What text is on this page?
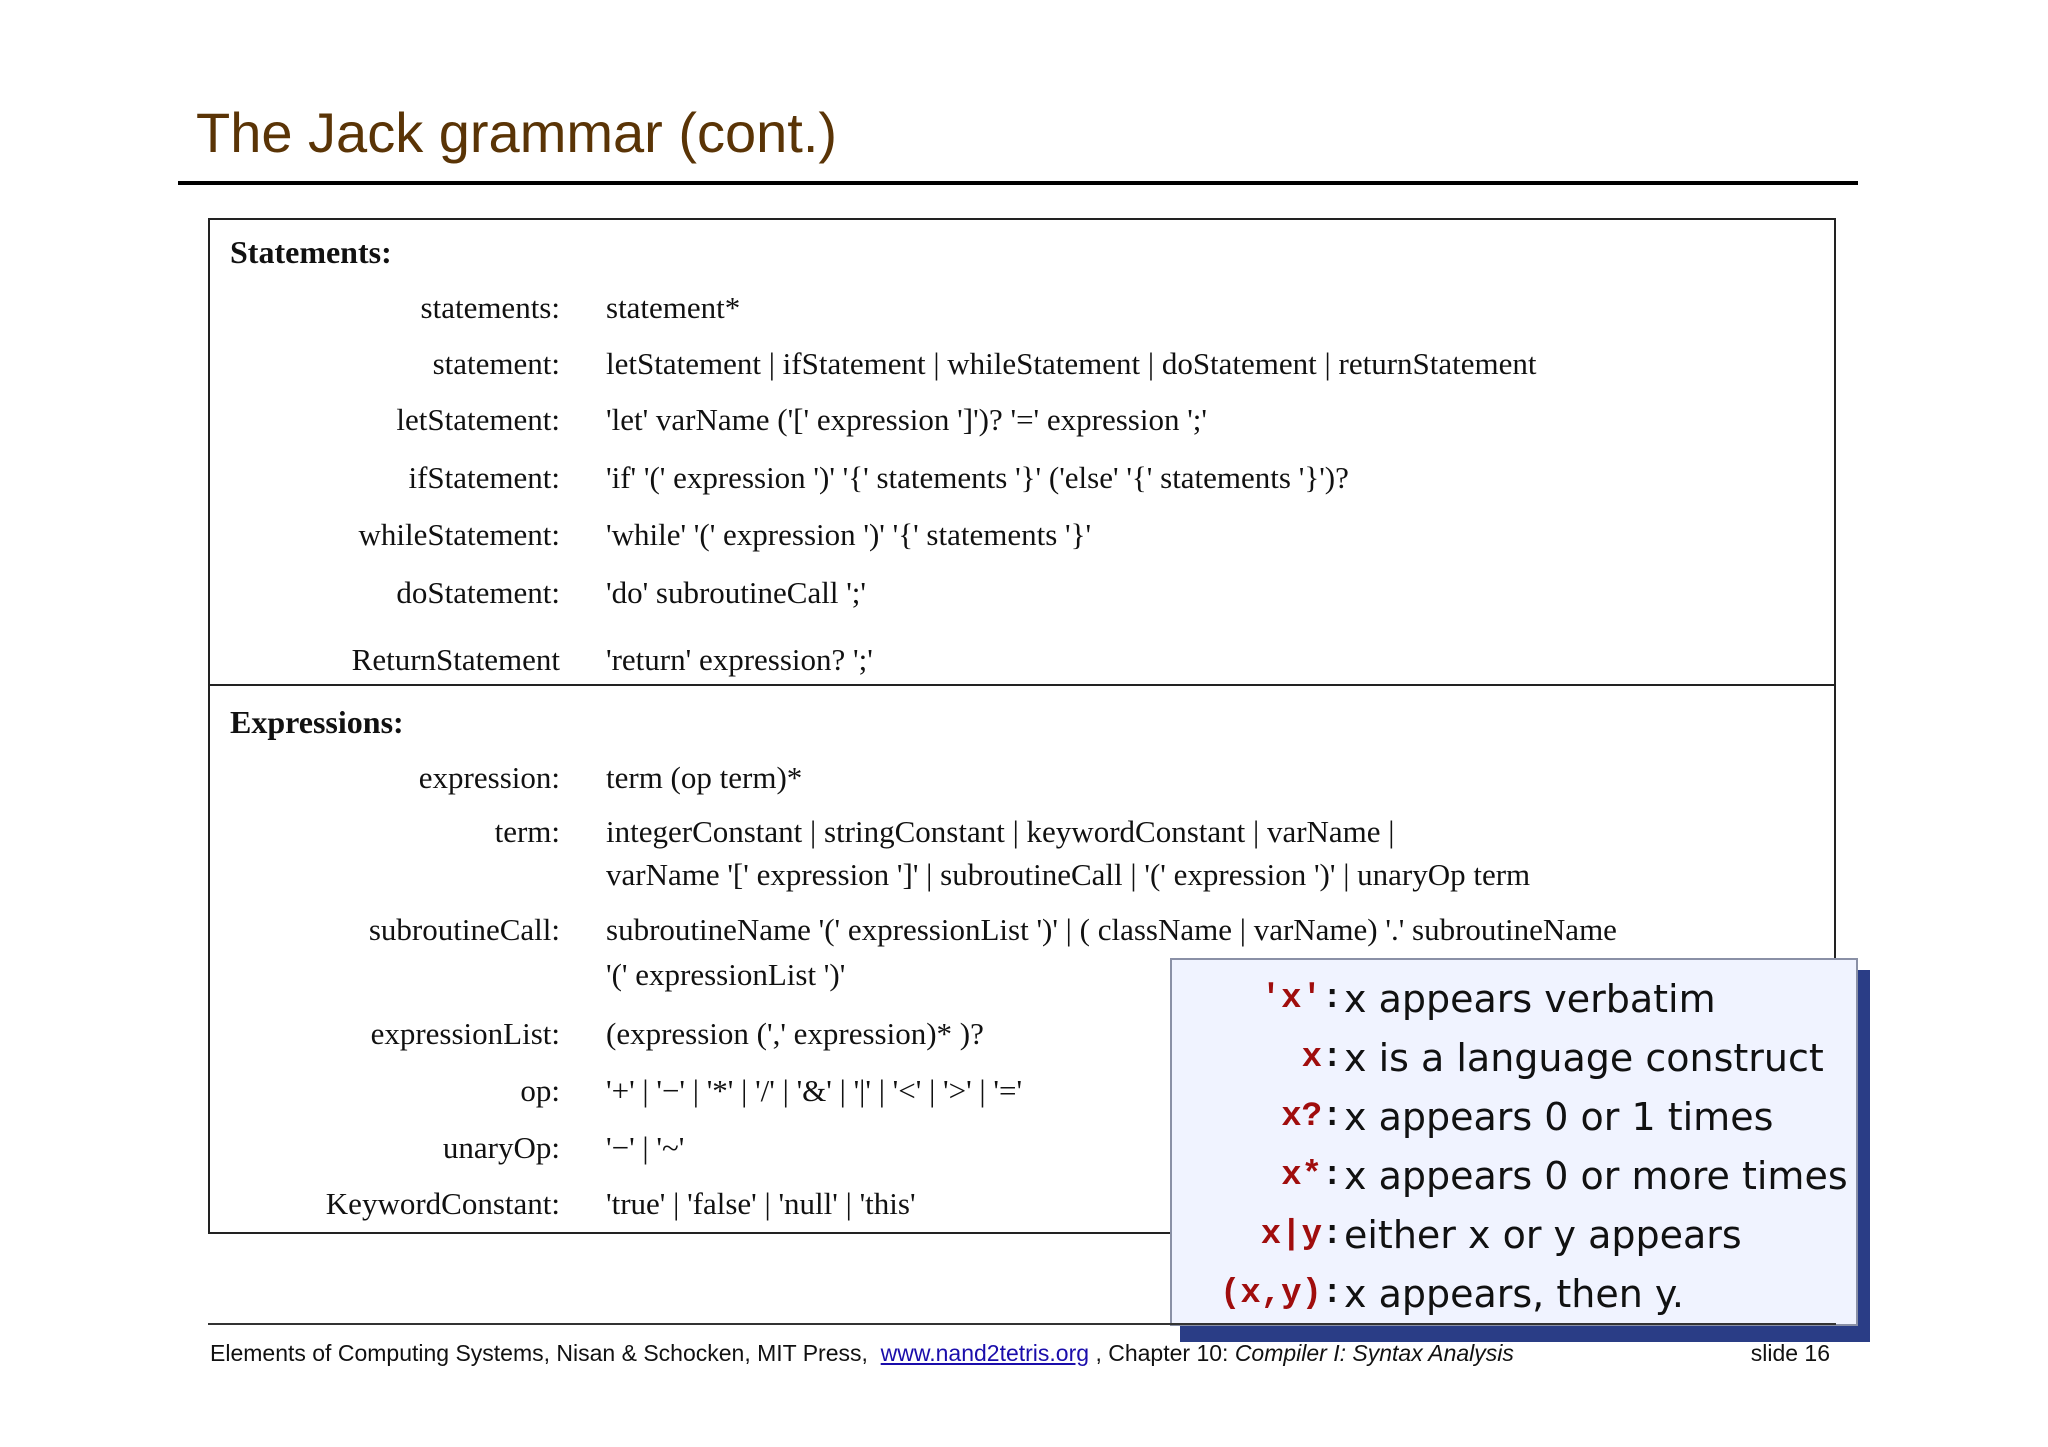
The Jack grammar (cont.)
Statements:
statements: statement*
statement: letStatement | ifStatement | whileStatement | doStatement | returnStatement
letStatement: 'let' varName ('[' expression ']')? '=' expression ';'
ifStatement: 'if' '(' expression ')' '{' statements '}' ('else' '{' statements '}')?
whileStatement: 'while' '(' expression ')' '{' statements '}'
doStatement: 'do' subroutineCall ';'
ReturnStatement 'return' expression? ';'
Expressions:
expression: term (op term)*
term: integerConstant | stringConstant | keywordConstant | varName |
varName '[' expression ']' | subroutineCall | '(' expression ')' | unaryOp term
subroutineCall: subroutineName '(' expressionList ')' | ( className | varName) '.' subroutineName
'(' expressionList ')'
expressionList: (expression (',' expression)* )?
op: '+' | '−' | '*' | '/' | '&' | '|' | '<' | '>' | '='
unaryOp: '−' | '~'
KeywordConstant: 'true' | 'false' | 'null' | 'this'
'x' : x appears verbatim
x : x is a language construct
x? : x appears 0 or 1 times
x* : x appears 0 or more times
x|y : either x or y appears
(x,y) : x appears, then y.
Elements of Computing Systems, Nisan & Schocken, MIT Press, www.nand2tetris.org , Chapter 10: Compiler I: Syntax Analysis	slide 16
